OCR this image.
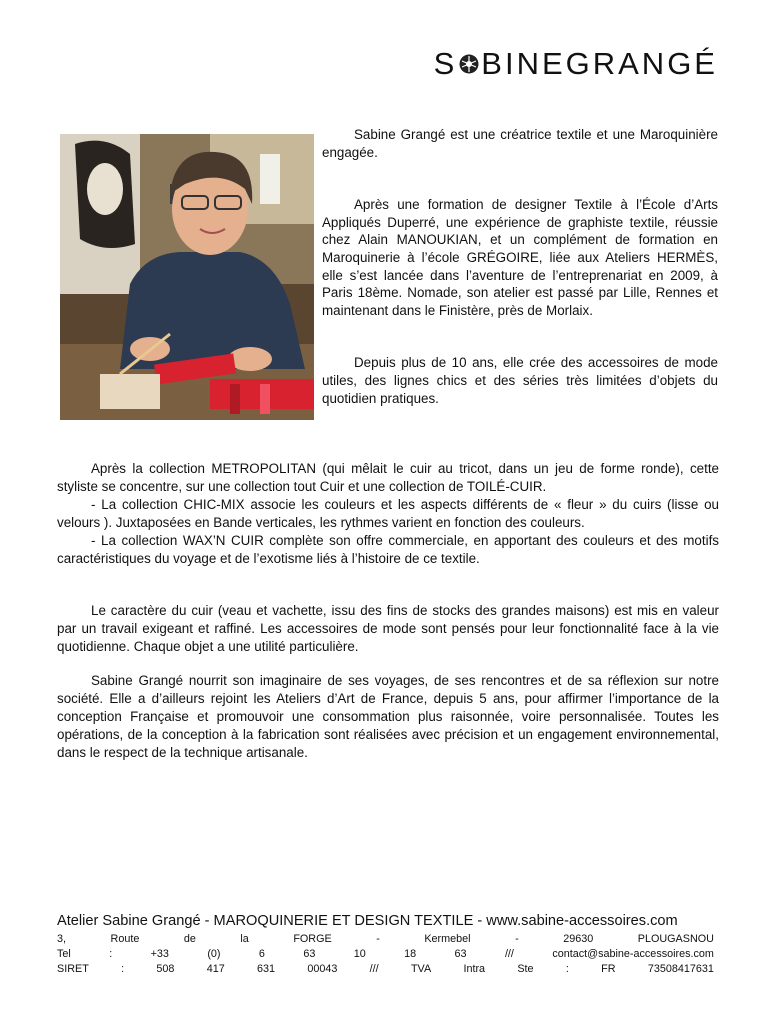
S BINEGRANGÉ

Sabine Grangé est une créatrice textile et une Maroquinière engagée.

Après une formation de designer Textile à l’École d’Arts Appliqués Duperré, une expérience de graphiste textile, réussie chez Alain MANOUKIAN, et un complément de formation en Maroquinerie à l’école GRÉGOIRE, liée aux Ateliers HERMÈS, elle s’est lancée dans l’aventure de l’entreprenariat en 2009, à Paris 18ème. Nomade, son atelier est passé par Lille, Rennes et maintenant dans le Finistère, près de Morlaix.

Depuis plus de 10 ans, elle crée des accessoires de mode utiles, des lignes chics et des séries très limitées d’objets du quotidien pratiques.

Après la collection METROPOLITAN (qui mêlait le cuir au tricot, dans un jeu de forme ronde), cette styliste se concentre, sur une collection tout Cuir et une collection de TOILÉ-CUIR.

- La collection CHIC-MIX associe les couleurs et les aspects différents de « fleur » du cuirs (lisse ou velours ). Juxtaposées en Bande verticales, les rythmes varient en fonction des couleurs.

- La collection WAX’N CUIR complète son offre commerciale, en apportant des couleurs et des motifs caractéristiques du voyage et de l’exotisme liés à l’histoire de ce textile.

Le caractère du cuir (veau et vachette, issu des fins de stocks des grandes maisons) est mis en valeur par un travail exigeant et raffiné. Les accessoires de mode sont pensés pour leur fonctionnalité face à la vie quotidienne. Chaque objet a une utilité particulière.

Sabine Grangé nourrit son imaginaire de ses voyages, de ses rencontres et de sa réflexion sur notre société. Elle a d’ailleurs rejoint les Ateliers d’Art de France, depuis 5 ans, pour affirmer l’importance de la conception Française et promouvoir une consommation plus raisonnée, voire personnalisée. Toutes les opérations, de la conception à la fabrication sont réalisées avec précision et un engagement environnemental, dans le respect de la technique artisanale.

Atelier Sabine Grangé - MAROQUINERIE ET DESIGN TEXTILE - www.sabine-accessoires.com
3,	Route	de	la	FORGE	-	Kermebel	-	29630	PLOUGASNOU
Tel	:	+33	(0)	6	63	10	18	63	///	contact@sabine-accessoires.com
SIRET	:	508	417	631	00043	///	TVA	Intra	Ste	:	FR	73508417631
